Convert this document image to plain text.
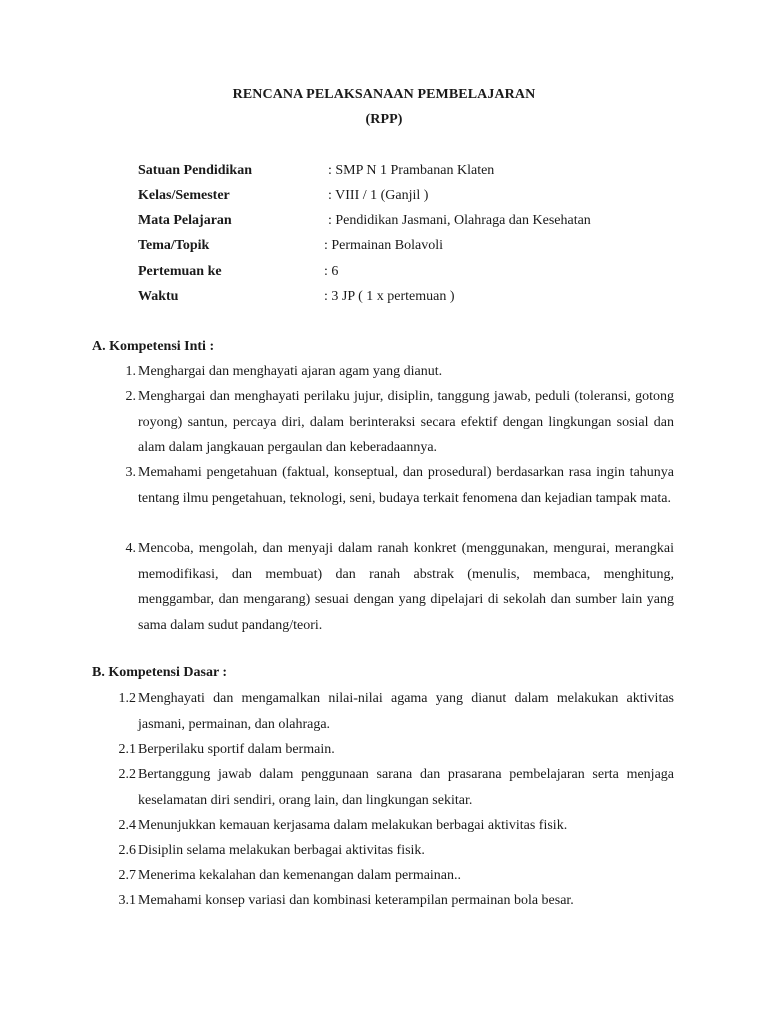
RENCANA PELAKSANAAN PEMBELAJARAN
(RPP)
Satuan Pendidikan	: SMP N 1 Prambanan Klaten
Kelas/Semester	: VIII / 1 (Ganjil )
Mata Pelajaran	: Pendidikan Jasmani, Olahraga dan Kesehatan
Tema/Topik	: Permainan Bolavoli
Pertemuan ke	: 6
Waktu	: 3 JP ( 1 x pertemuan )
A. Kompetensi Inti :
1. Menghargai dan menghayati ajaran agam yang dianut.
2. Menghargai dan menghayati perilaku jujur, disiplin, tanggung jawab, peduli (toleransi, gotong royong) santun, percaya diri, dalam berinteraksi secara efektif dengan lingkungan sosial dan alam dalam jangkauan pergaulan dan keberadaannya.
3. Memahami pengetahuan (faktual, konseptual, dan prosedural) berdasarkan rasa ingin tahunya tentang ilmu pengetahuan, teknologi, seni, budaya terkait fenomena dan kejadian tampak mata.
4. Mencoba, mengolah, dan menyaji dalam ranah konkret (menggunakan, mengurai, merangkai memodifikasi, dan membuat) dan ranah abstrak (menulis, membaca, menghitung, menggambar, dan mengarang) sesuai dengan yang dipelajari di sekolah dan sumber lain yang sama dalam sudut pandang/teori.
B. Kompetensi Dasar :
1.2 Menghayati dan mengamalkan nilai-nilai agama yang dianut dalam melakukan aktivitas jasmani, permainan, dan olahraga.
2.1 Berperilaku sportif dalam bermain.
2.2 Bertanggung jawab dalam penggunaan sarana dan prasarana pembelajaran serta menjaga keselamatan diri sendiri, orang lain, dan lingkungan sekitar.
2.4 Menunjukkan kemauan kerjasama dalam melakukan berbagai aktivitas fisik.
2.6 Disiplin selama melakukan berbagai aktivitas fisik.
2.7 Menerima kekalahan dan kemenangan dalam permainan..
3.1 Memahami konsep variasi dan kombinasi keterampilan permainan bola besar.
